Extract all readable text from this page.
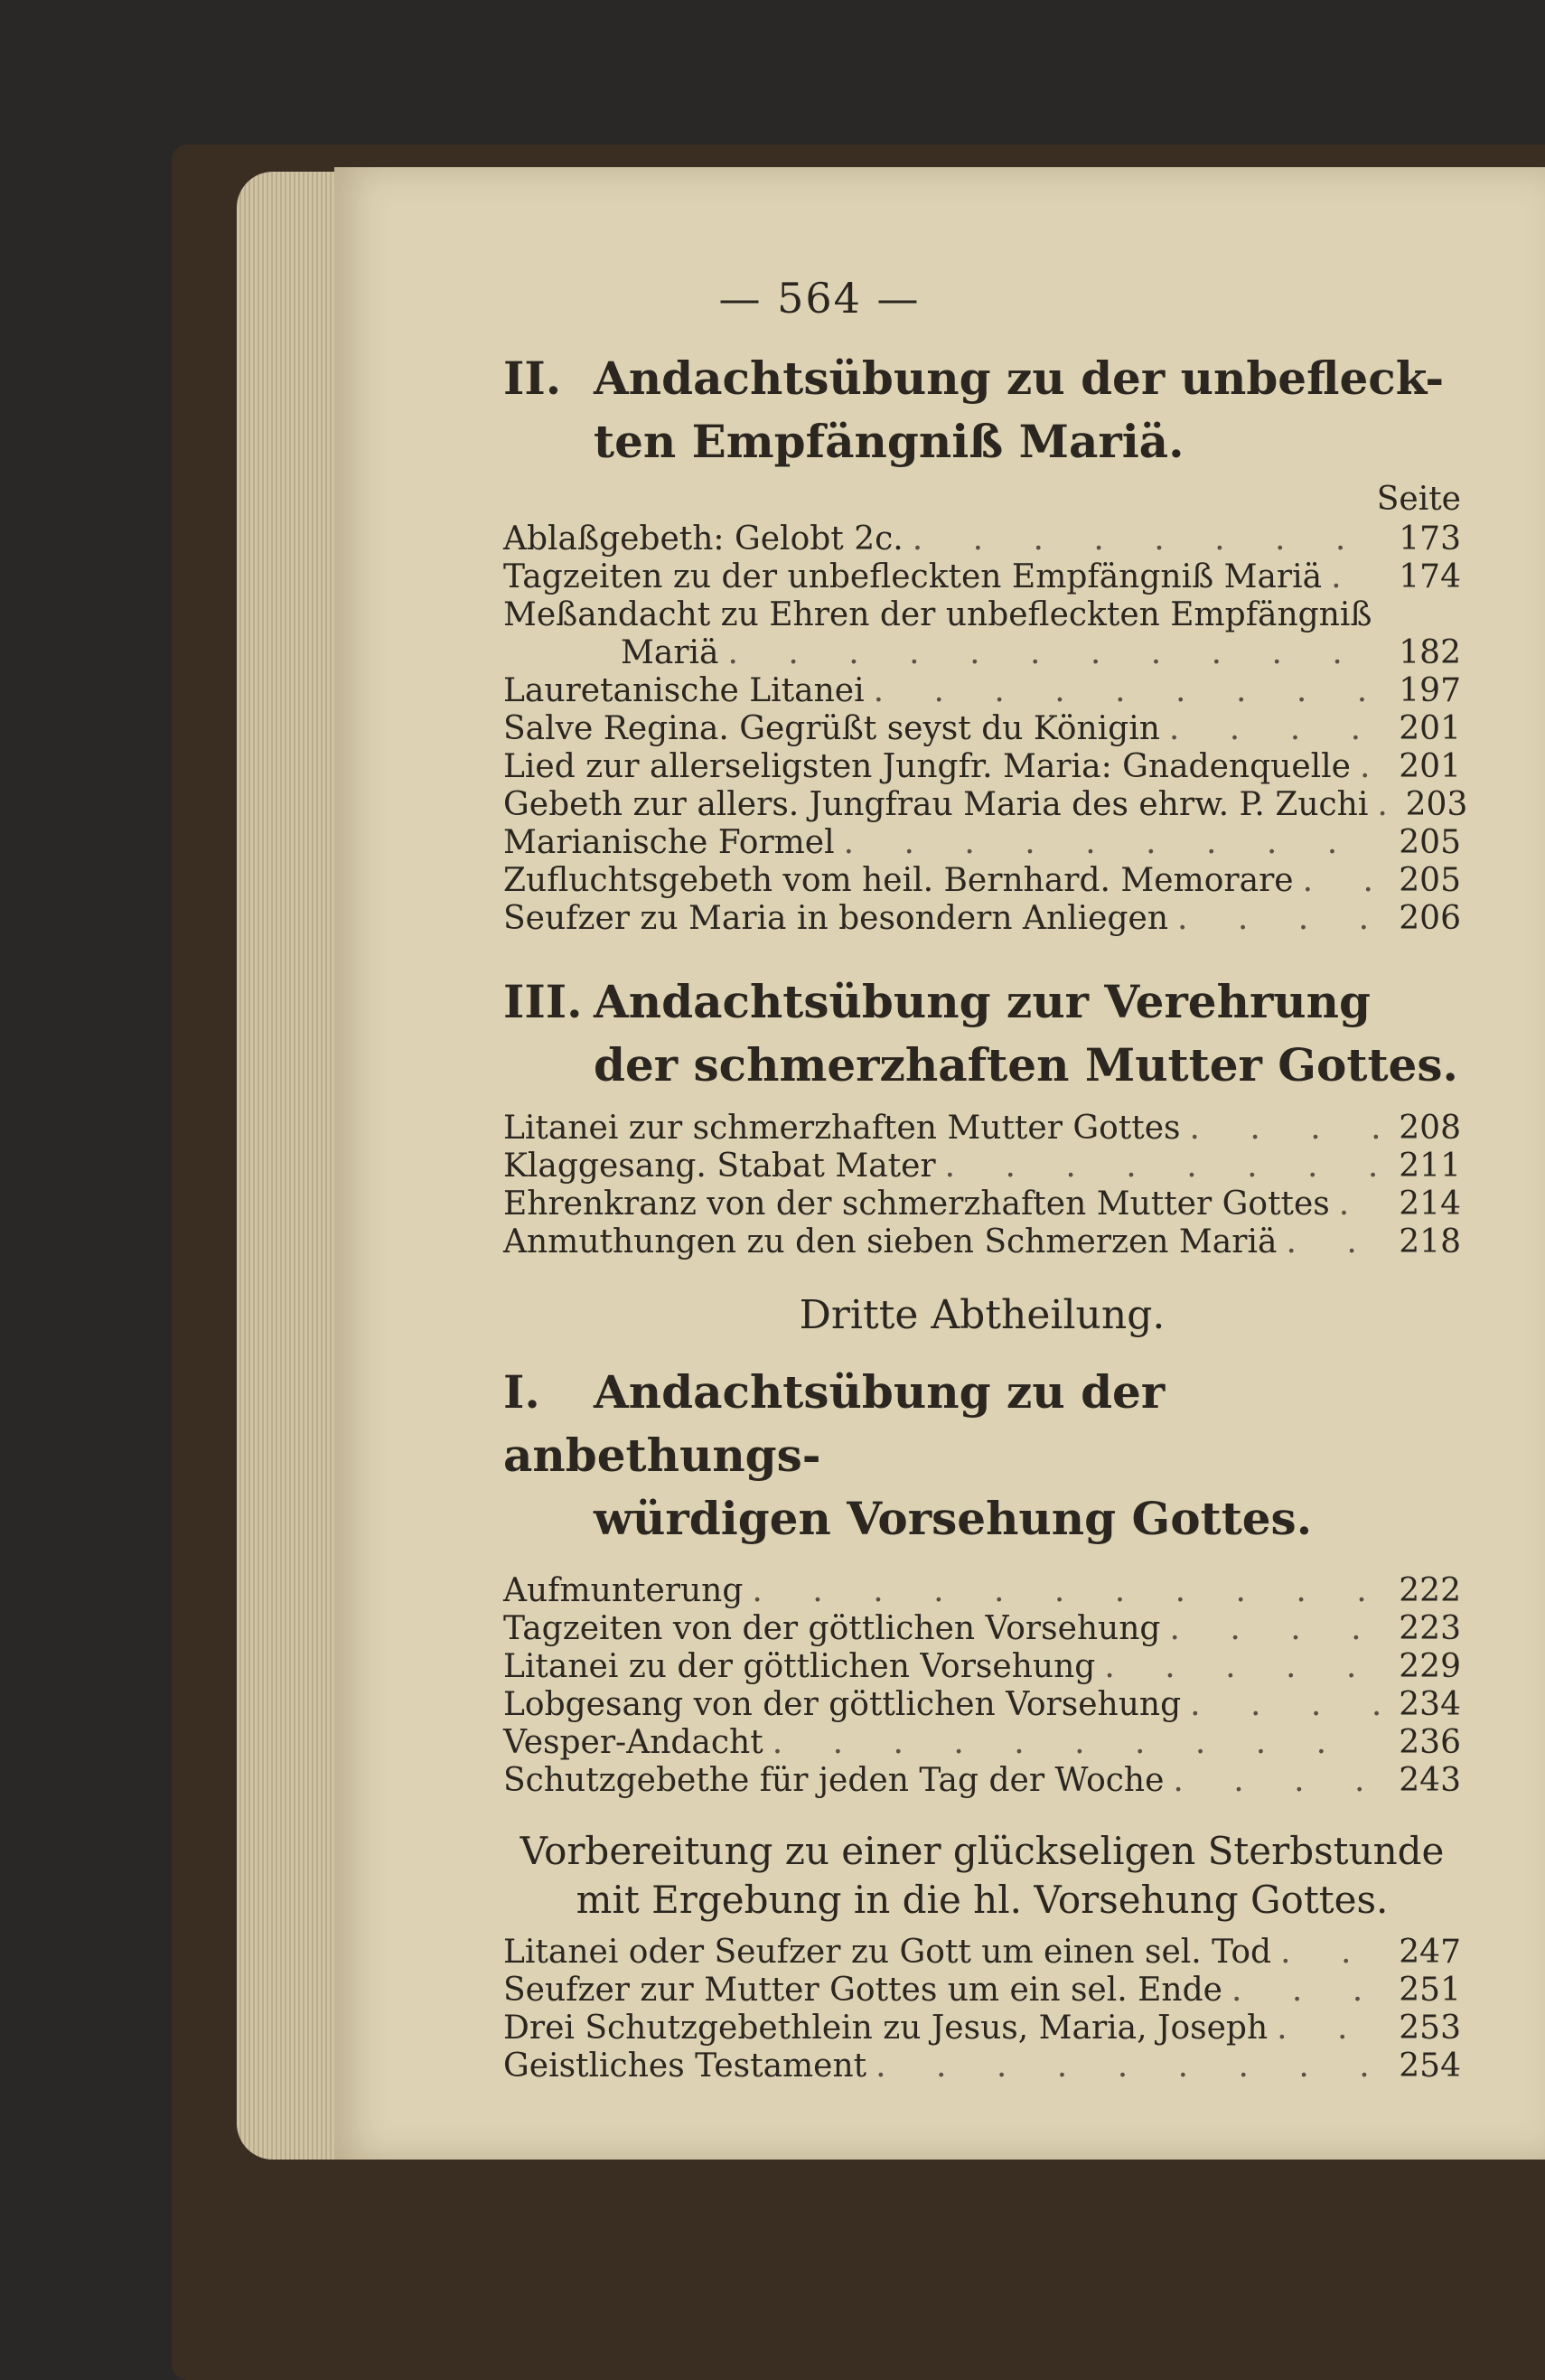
— 564 —
II. Andachtsübung zu der unbefleck-
ten Empfängniß Mariä.
Seite
Ablaßgebeth: Gelobt 2c. . . .	173
Tagzeiten zu der unbefleckten Empfängniß Mariä . . .	174
Meßandacht zu Ehren der unbefleckten Empfängniß
Mariä . . .	182
Lauretanische Litanei . . .	197
Salve Regina. Gegrüßt seyst du Königin . . .	201
Lied zur allerseligsten Jungfr. Maria: Gnadenquelle . . .	201
Gebeth zur allers. Jungfrau Maria des ehrw. P. Zuchi . . .	203
Marianische Formel . . .	205
Zufluchtsgebeth vom heil. Bernhard. Memorare . . .	205
Seufzer zu Maria in besondern Anliegen . . .	206
III. Andachtsübung zur Verehrung
der schmerzhaften Mutter Gottes.
Litanei zur schmerzhaften Mutter Gottes . . .	208
Klaggesang. Stabat Mater . . .	211
Ehrenkranz von der schmerzhaften Mutter Gottes . . .	214
Anmuthungen zu den sieben Schmerzen Mariä . . .	218
Dritte Abtheilung.
I. Andachtsübung zu der anbethungs-
würdigen Vorsehung Gottes.
Aufmunterung . . .	222
Tagzeiten von der göttlichen Vorsehung . . .	223
Litanei zu der göttlichen Vorsehung . . .	229
Lobgesang von der göttlichen Vorsehung . . .	234
Vesper-Andacht . . .	236
Schutzgebethe für jeden Tag der Woche . . .	243
Vorbereitung zu einer glückseligen Sterbstunde
mit Ergebung in die hl. Vorsehung Gottes.
Litanei oder Seufzer zu Gott um einen sel. Tod . . .	247
Seufzer zur Mutter Gottes um ein sel. Ende . . .	251
Drei Schutzgebethlein zu Jesus, Maria, Joseph . . .	253
Geistliches Testament . . .	254
